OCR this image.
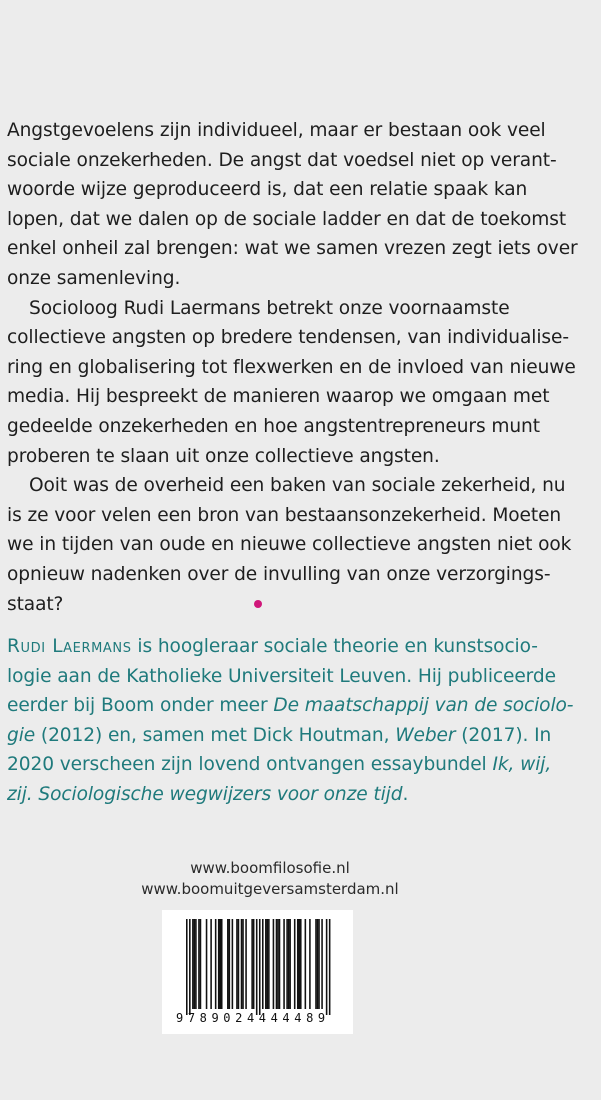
Angstgevoelens zijn individueel, maar er bestaan ook veel
sociale onzekerheden. De angst dat voedsel niet op verant-
woorde wijze geproduceerd is, dat een relatie spaak kan
lopen, dat we dalen op de sociale ladder en dat de toekomst
enkel onheil zal brengen: wat we samen vrezen zegt iets over
onze samenleving.
Socioloog Rudi Laermans betrekt onze voornaamste
collectieve angsten op bredere tendensen, van individualise-
ring en globalisering tot flexwerken en de invloed van nieuwe
media. Hij bespreekt de manieren waarop we omgaan met
gedeelde onzekerheden en hoe angstentrepreneurs munt
proberen te slaan uit onze collectieve angsten.
Ooit was de overheid een baken van sociale zekerheid, nu
is ze voor velen een bron van bestaansonzekerheid. Moeten
we in tijden van oude en nieuwe collectieve angsten niet ook
opnieuw nadenken over de invulling van onze verzorgings-
staat?
Rudi Laermans is hoogleraar sociale theorie en kunstsocio-
logie aan de Katholieke Universiteit Leuven. Hij publiceerde
eerder bij Boom onder meer De maatschappij van de sociolo-
gie (2012) en, samen met Dick Houtman, Weber (2017). In
2020 verscheen zijn lovend ontvangen essaybundel Ik, wij,
zij. Sociologische wegwijzers voor onze tijd.
www.boomfilosofie.nl
www.boomuitgeversamsterdam.nl
9789024444489
